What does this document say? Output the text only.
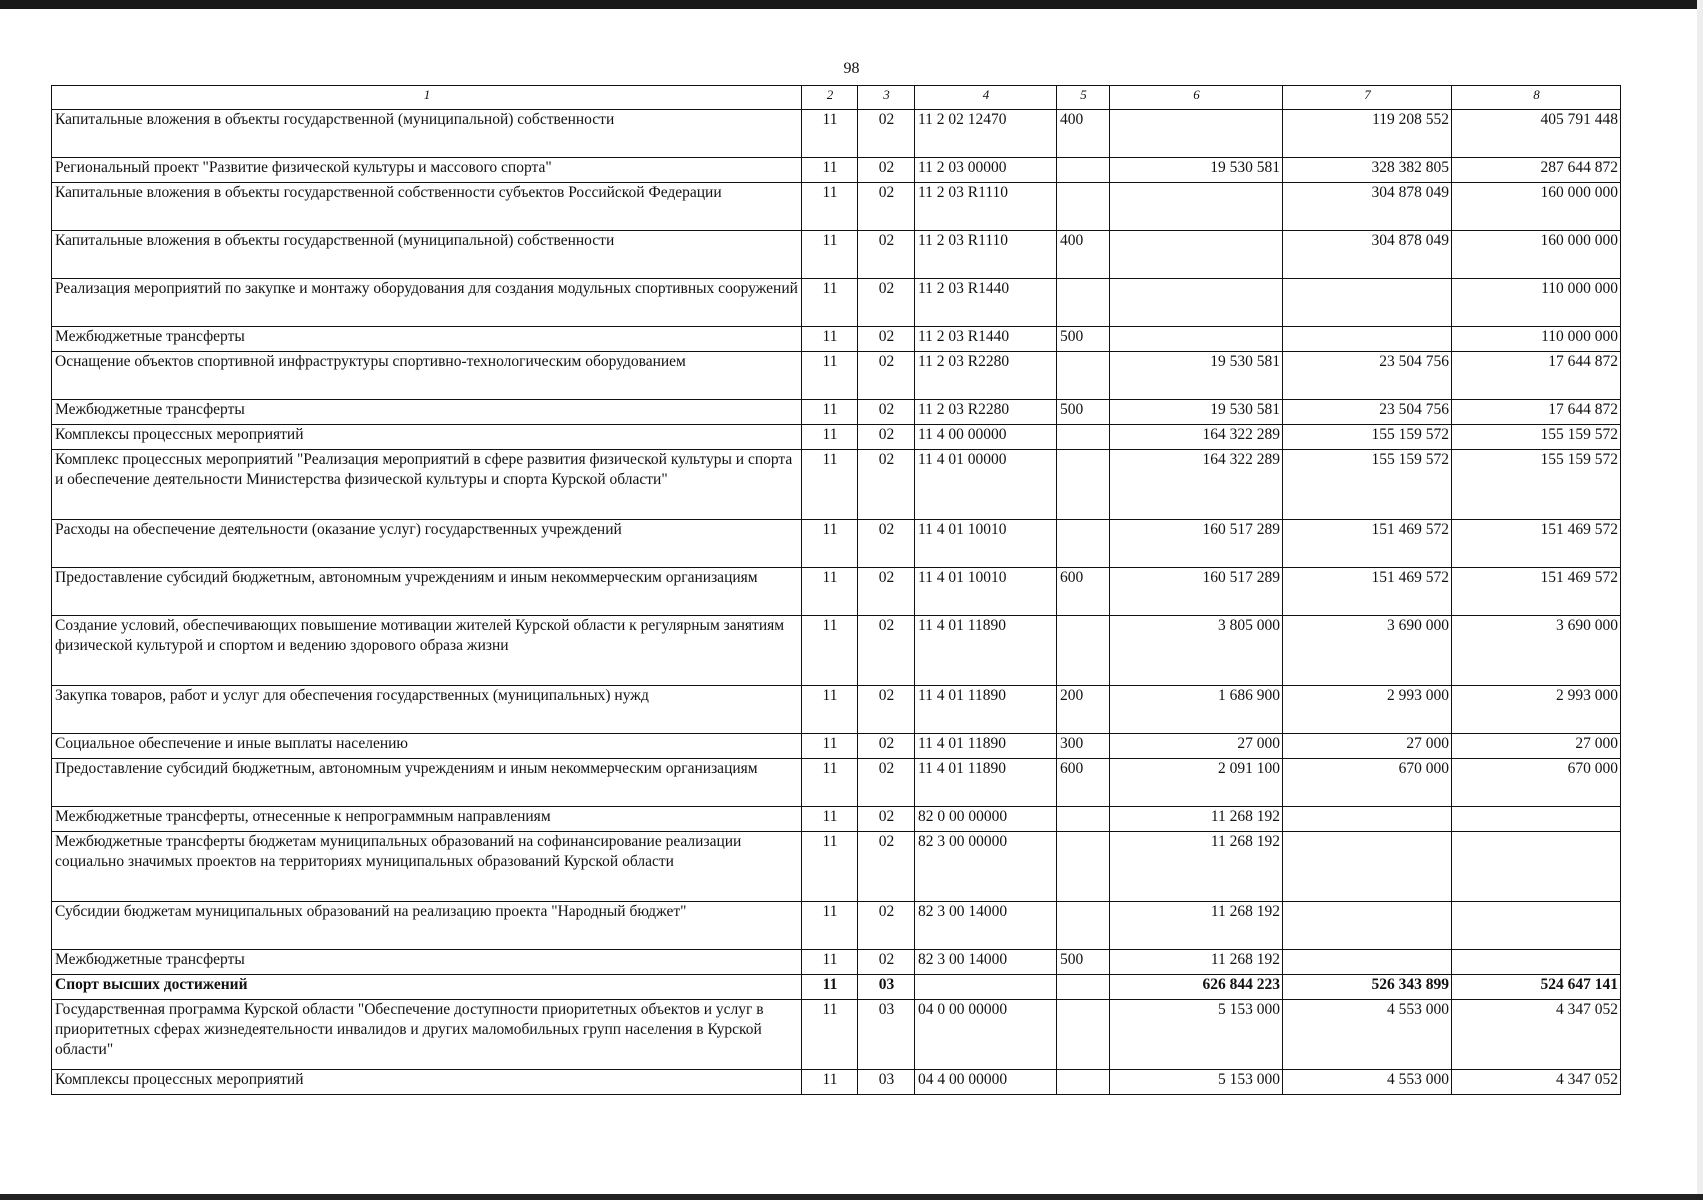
98
1	2	3	4	5	6	7	8
Капитальные вложения в объекты государственной (муниципальной) собственности	11	02	11 2 02 12470	400		119 208 552	405 791 448
Региональный проект "Развитие физической культуры и массового спорта"	11	02	11 2 03 00000		19 530 581	328 382 805	287 644 872
Капитальные вложения в объекты государственной собственности субъектов Российской Федерации	11	02	11 2 03 R1110			304 878 049	160 000 000
Капитальные вложения в объекты государственной (муниципальной) собственности	11	02	11 2 03 R1110	400		304 878 049	160 000 000
Реализация мероприятий по закупке и монтажу оборудования для создания модульных спортивных сооружений	11	02	11 2 03 R1440				110 000 000
Межбюджетные трансферты	11	02	11 2 03 R1440	500			110 000 000
Оснащение объектов спортивной инфраструктуры спортивно-технологическим оборудованием	11	02	11 2 03 R2280		19 530 581	23 504 756	17 644 872
Межбюджетные трансферты	11	02	11 2 03 R2280	500	19 530 581	23 504 756	17 644 872
Комплексы процессных мероприятий	11	02	11 4 00 00000		164 322 289	155 159 572	155 159 572
Комплекс процессных мероприятий "Реализация мероприятий в сфере развития физической культуры и спорта и обеспечение деятельности Министерства физической культуры и спорта Курской области"	11	02	11 4 01 00000		164 322 289	155 159 572	155 159 572
Расходы на обеспечение деятельности (оказание услуг) государственных учреждений	11	02	11 4 01 10010		160 517 289	151 469 572	151 469 572
Предоставление субсидий бюджетным, автономным учреждениям и иным некоммерческим организациям	11	02	11 4 01 10010	600	160 517 289	151 469 572	151 469 572
Создание условий, обеспечивающих повышение мотивации жителей Курской области к регулярным занятиям физической культурой и спортом и ведению здорового образа жизни	11	02	11 4 01 11890		3 805 000	3 690 000	3 690 000
Закупка товаров, работ и услуг для обеспечения государственных (муниципальных) нужд	11	02	11 4 01 11890	200	1 686 900	2 993 000	2 993 000
Социальное обеспечение и иные выплаты населению	11	02	11 4 01 11890	300	27 000	27 000	27 000
Предоставление субсидий бюджетным, автономным учреждениям и иным некоммерческим организациям	11	02	11 4 01 11890	600	2 091 100	670 000	670 000
Межбюджетные трансферты, отнесенные к непрограммным направлениям	11	02	82 0 00 00000		11 268 192		
Межбюджетные трансферты бюджетам муниципальных образований на софинансирование реализации социально значимых проектов на территориях муниципальных образований Курской области	11	02	82 3 00 00000		11 268 192		
Субсидии бюджетам муниципальных образований на реализацию проекта "Народный бюджет"	11	02	82 3 00 14000		11 268 192		
Межбюджетные трансферты	11	02	82 3 00 14000	500	11 268 192		
Спорт высших достижений	11	03			626 844 223	526 343 899	524 647 141
Государственная программа Курской области "Обеспечение доступности приоритетных объектов и услуг в приоритетных сферах жизнедеятельности инвалидов и других маломобильных групп населения в Курской области"	11	03	04 0 00 00000		5 153 000	4 553 000	4 347 052
Комплексы процессных мероприятий	11	03	04 4 00 00000		5 153 000	4 553 000	4 347 052
